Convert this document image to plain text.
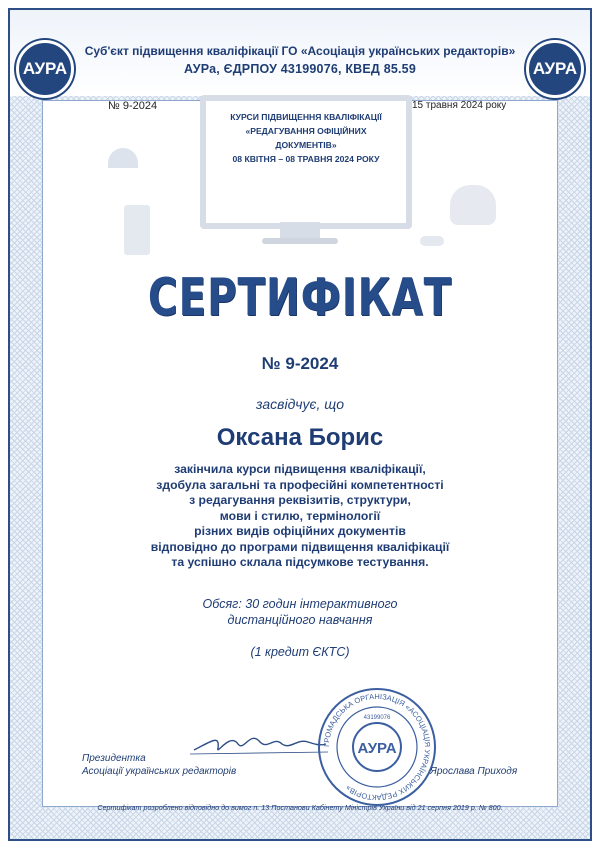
АУРА	АУРА
Суб'єкт підвищення кваліфікації ГО «Асоціація українських редакторів»
АУРа, ЄДРПОУ 43199076, КВЕД 85.59
№ 9-2024	15 травня 2024 року
КУРСИ ПІДВИЩЕННЯ КВАЛІФІКАЦІЇ
«РЕДАГУВАННЯ ОФІЦІЙНИХ
ДОКУМЕНТІВ»
08 КВІТНЯ – 08 ТРАВНЯ 2024 РОКУ
СЕРТИФІКАТ
№ 9-2024
засвідчує, що
Оксана Борис
закінчила курси підвищення кваліфікації,
здобула загальні та професійні компетентності
з редагування реквізитів, структури,
мови і стилю, термінології
різних видів офіційних документів
відповідно до програми підвищення кваліфікації
та успішно склала підсумкове тестування.
Обсяг: 30 годин інтерактивного
дистанційного навчання
(1 кредит ЄКТС)
ГРОМАДСЬКА ОРГАНІЗАЦІЯ «АСОЦІАЦІЯ УКРАЇНСЬКИХ РЕДАКТОРІВ»
АУРА
43199076
Президентка
Асоціації українських редакторів	Ярослава Приходя
Сертифікат розроблено відповідно до вимог п. 13 Постанови Кабінету Міністрів України від 21 серпня 2019 р. № 800.
